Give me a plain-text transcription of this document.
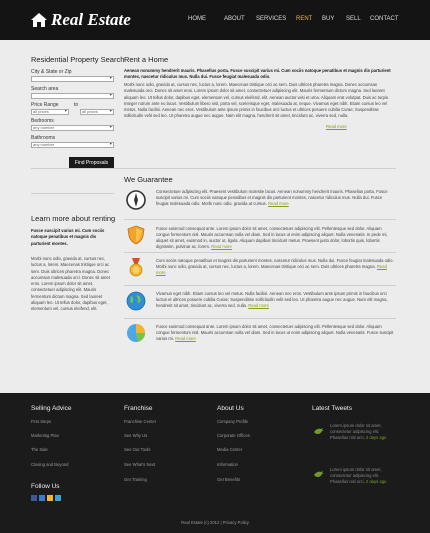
Real Estate	HOME	ABOUT SERVICES RENT BUY SELL CONTACT
Residential Property Search
City & State or Zip
▾
Search area
▾
Price Range	to
all prices ▾	all prices ▾
Bedrooms
any number ▾
Bathrooms
any number ▾
Find Proposals
Rent a Home
Aenean nonummy hendrerit mauris. Phasellus porta. Fusce suscipit varius mi. Cum sociis natoque penatibus et magnis dis parturient montes, nascetur ridiculus mus. Nulla dui. Fusce feugiat malesuada odio.
Morbi nunc odio, gravida at, cursus nec, luctus a, lorem. Maecenas tristique orci ac sem. Duis ultrices pharetra magna. Donec accumsan malesuada orci. Donec sit amet eros. Lorem ipsum dolor sit amet, consectetuer adipiscing elit. Mauris fermentum dictum magna. Sed laoreet aliquam leo. Ut tellus dolor, dapibus eget, elementum vel, cursus eleifend, elit. Aenean auctor wisi et urna. Aliquam erat volutpat. Duis ac turpis. Integer rutrum ante eu lacus. Vestibulum libero nisl, porta vel, scelerisque eget, malesuada at, neque. Vivamus eget nibh. Etiam cursus leo vel metus. Nulla facilisi. Aenean nec eros. Vestibulum ante ipsum primis in faucibus orci luctus et ultrices posuere cubilia Curae; Suspendisse sollicitudin velit sed leo. Ut pharetra augue nec augue. Nam elit magna, hendrerit sit amet, tincidunt ac, viverra sed, nulla.
Read more
We Guarantee
Consectetuer adipiscing elit. Praesent vestibulum molestie lacus. Aenean nonummy hendrerit mauris. Phasellus porta. Fusce suscipit varius mi. Cum sociis natoque penatibus et magnis dis parturient montes, nascetur ridiculus mus. Nulla dui. Fusce feugiat malesuada odio. Morbi nunc odio, gravida at cursus. Read more
Fusce euismod consequat ante. Lorem ipsum dolor sit amet, consectetuer adipiscing elit. Pellentesque sed dolor. Aliquam congue fermentum nisl. Mauris accumsan nulla vel diam. Sed in lacus ut enim adipiscing aliquet. Nulla venenatis. In pede mi, aliquet sit amet, euismod in, auctor ut, ligula. Aliquam dapibus tincidunt metus. Praesent justo dolor, lobortis quis, lobortis dignissim, pulvinar ac, lorem. Read more
Cum sociis natoque penatibus et magnis dis parturient montes, nascetur ridiculus mus. Nulla dui. Fusce feugiat malesuada odio. Morbi nunc odio, gravida at, cursus nec, luctus a, lorem. Maecenas tristique orci ac sem. Duis ultrices pharetra magna. Read more
Vivamus eget nibh. Etiam cursus leo vel metus. Nulla facilisi. Aenean nec eros. Vestibulum ante ipsum primis in faucibus orci luctus et ultrices posuere cubilia Curae; Suspendisse sollicitudin velit sed leo. Ut pharetra augue nec augue. Nam elit magna, hendrerit sit amet, tincidunt ac, viverra sed, nulla. Read more
Fusce euismod consequat ante. Lorem ipsum dolor sit amet, consectetuer adipiscing elit. Pellentesque sed dolor. Aliquam congue fermentum nisl. Mauris accumsan nulla vel diam. Sed in lacus ut enim adipiscing aliquet. Nulla venenatis. Fusce suscipit varius mi. Read more
Learn more about renting
Fusce suscipit varius mi. Cum sociis natoque penatibus et magnis dis parturient montes.
Morbi nunc odio, gravida at, cursus nec, luctus a, lorem. Maecenas tristique orci ac sem. Duis ultrices pharetra magna. Donec accumsan malesuada orci. Donec sit amet eros. Lorem ipsum dolor sit amet, consectetuer adipiscing elit. Mauris fermentum dictum magna. Sed laoreet aliquam leo. Ut tellus dolor, dapibus eget, elementum vel, cursus eleifend, elit.
Selling Advice
First Steps
Marketing Plan
The Sale
Closing and Beyond
Franchise
Franchise Center
See Why Us
See Our Tools
See What's Next
Get Training
About Us
Company Profile
Corporate Offices
Media Center
Information
Get Benefits
Latest Tweets
Lorem ipsum dolor sit amet, consectetur adipiscing elit. Phasellus nisl orci, 2 days ago
Lorem ipsum dolor sit amet, consectetur adipiscing elit. Phasellus nisl orci, 2 days ago
Follow Us
Real Estate (c) 2012 | Privacy Policy
